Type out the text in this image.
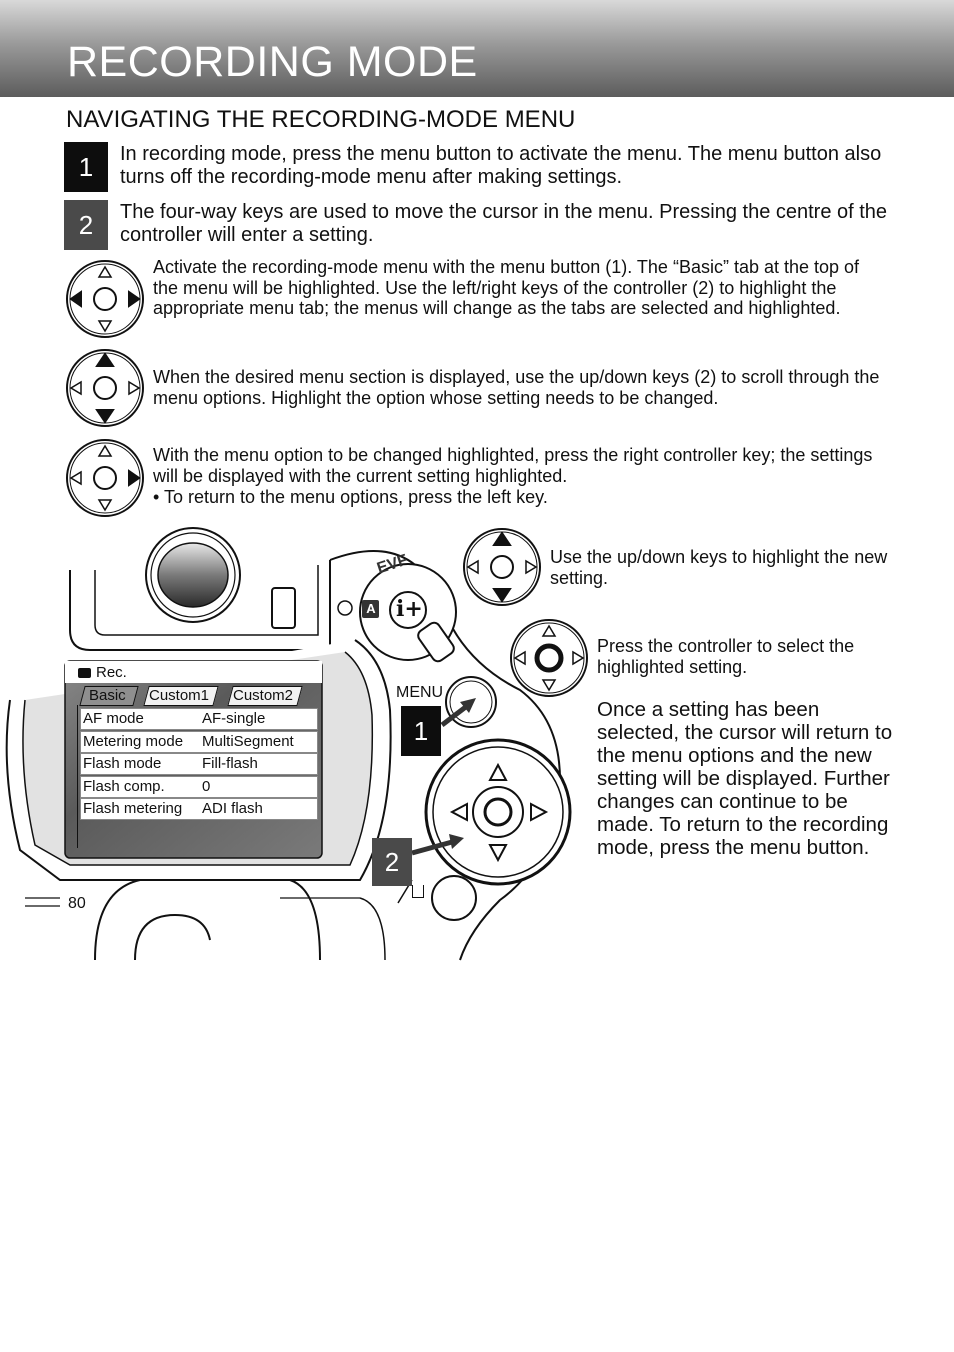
RECORDING MODE
NAVIGATING THE RECORDING-MODE MENU
1	In recording mode, press the menu button to activate the menu. The menu button also turns off the recording-mode menu after making settings.
2	The four-way keys are used to move the cursor in the menu. Pressing the centre of the controller will enter a setting.
Activate the recording-mode menu with the menu button (1). The “Basic” tab at the top of the menu will be highlighted. Use the left/right keys of the controller (2) to highlight the appropriate menu tab; the menus will change as the tabs are selected and highlighted.
When the desired menu section is displayed, use the up/down keys (2) to scroll through the menu options. Highlight the option whose setting needs to be changed.
With the menu option to be changed highlighted, press the right controller key; the settings will be displayed with the current setting highlighted.
• To return to the menu options, press the left key.
Use the up/down keys to highlight the new setting.
Press the controller to select the highlighted setting.
Once a setting has been selected, the cursor will return to the menu options and the new setting will be displayed. Further changes can continue to be made. To return to the recording mode, press the menu button.
EVF
A i+
MENU
1
2
Rec.
Basic Custom1 Custom2
AF mode	AF-single
Metering mode MultiSegment
Flash mode	Fill-flash
Flash comp. 0
Flash metering ADI flash
80
